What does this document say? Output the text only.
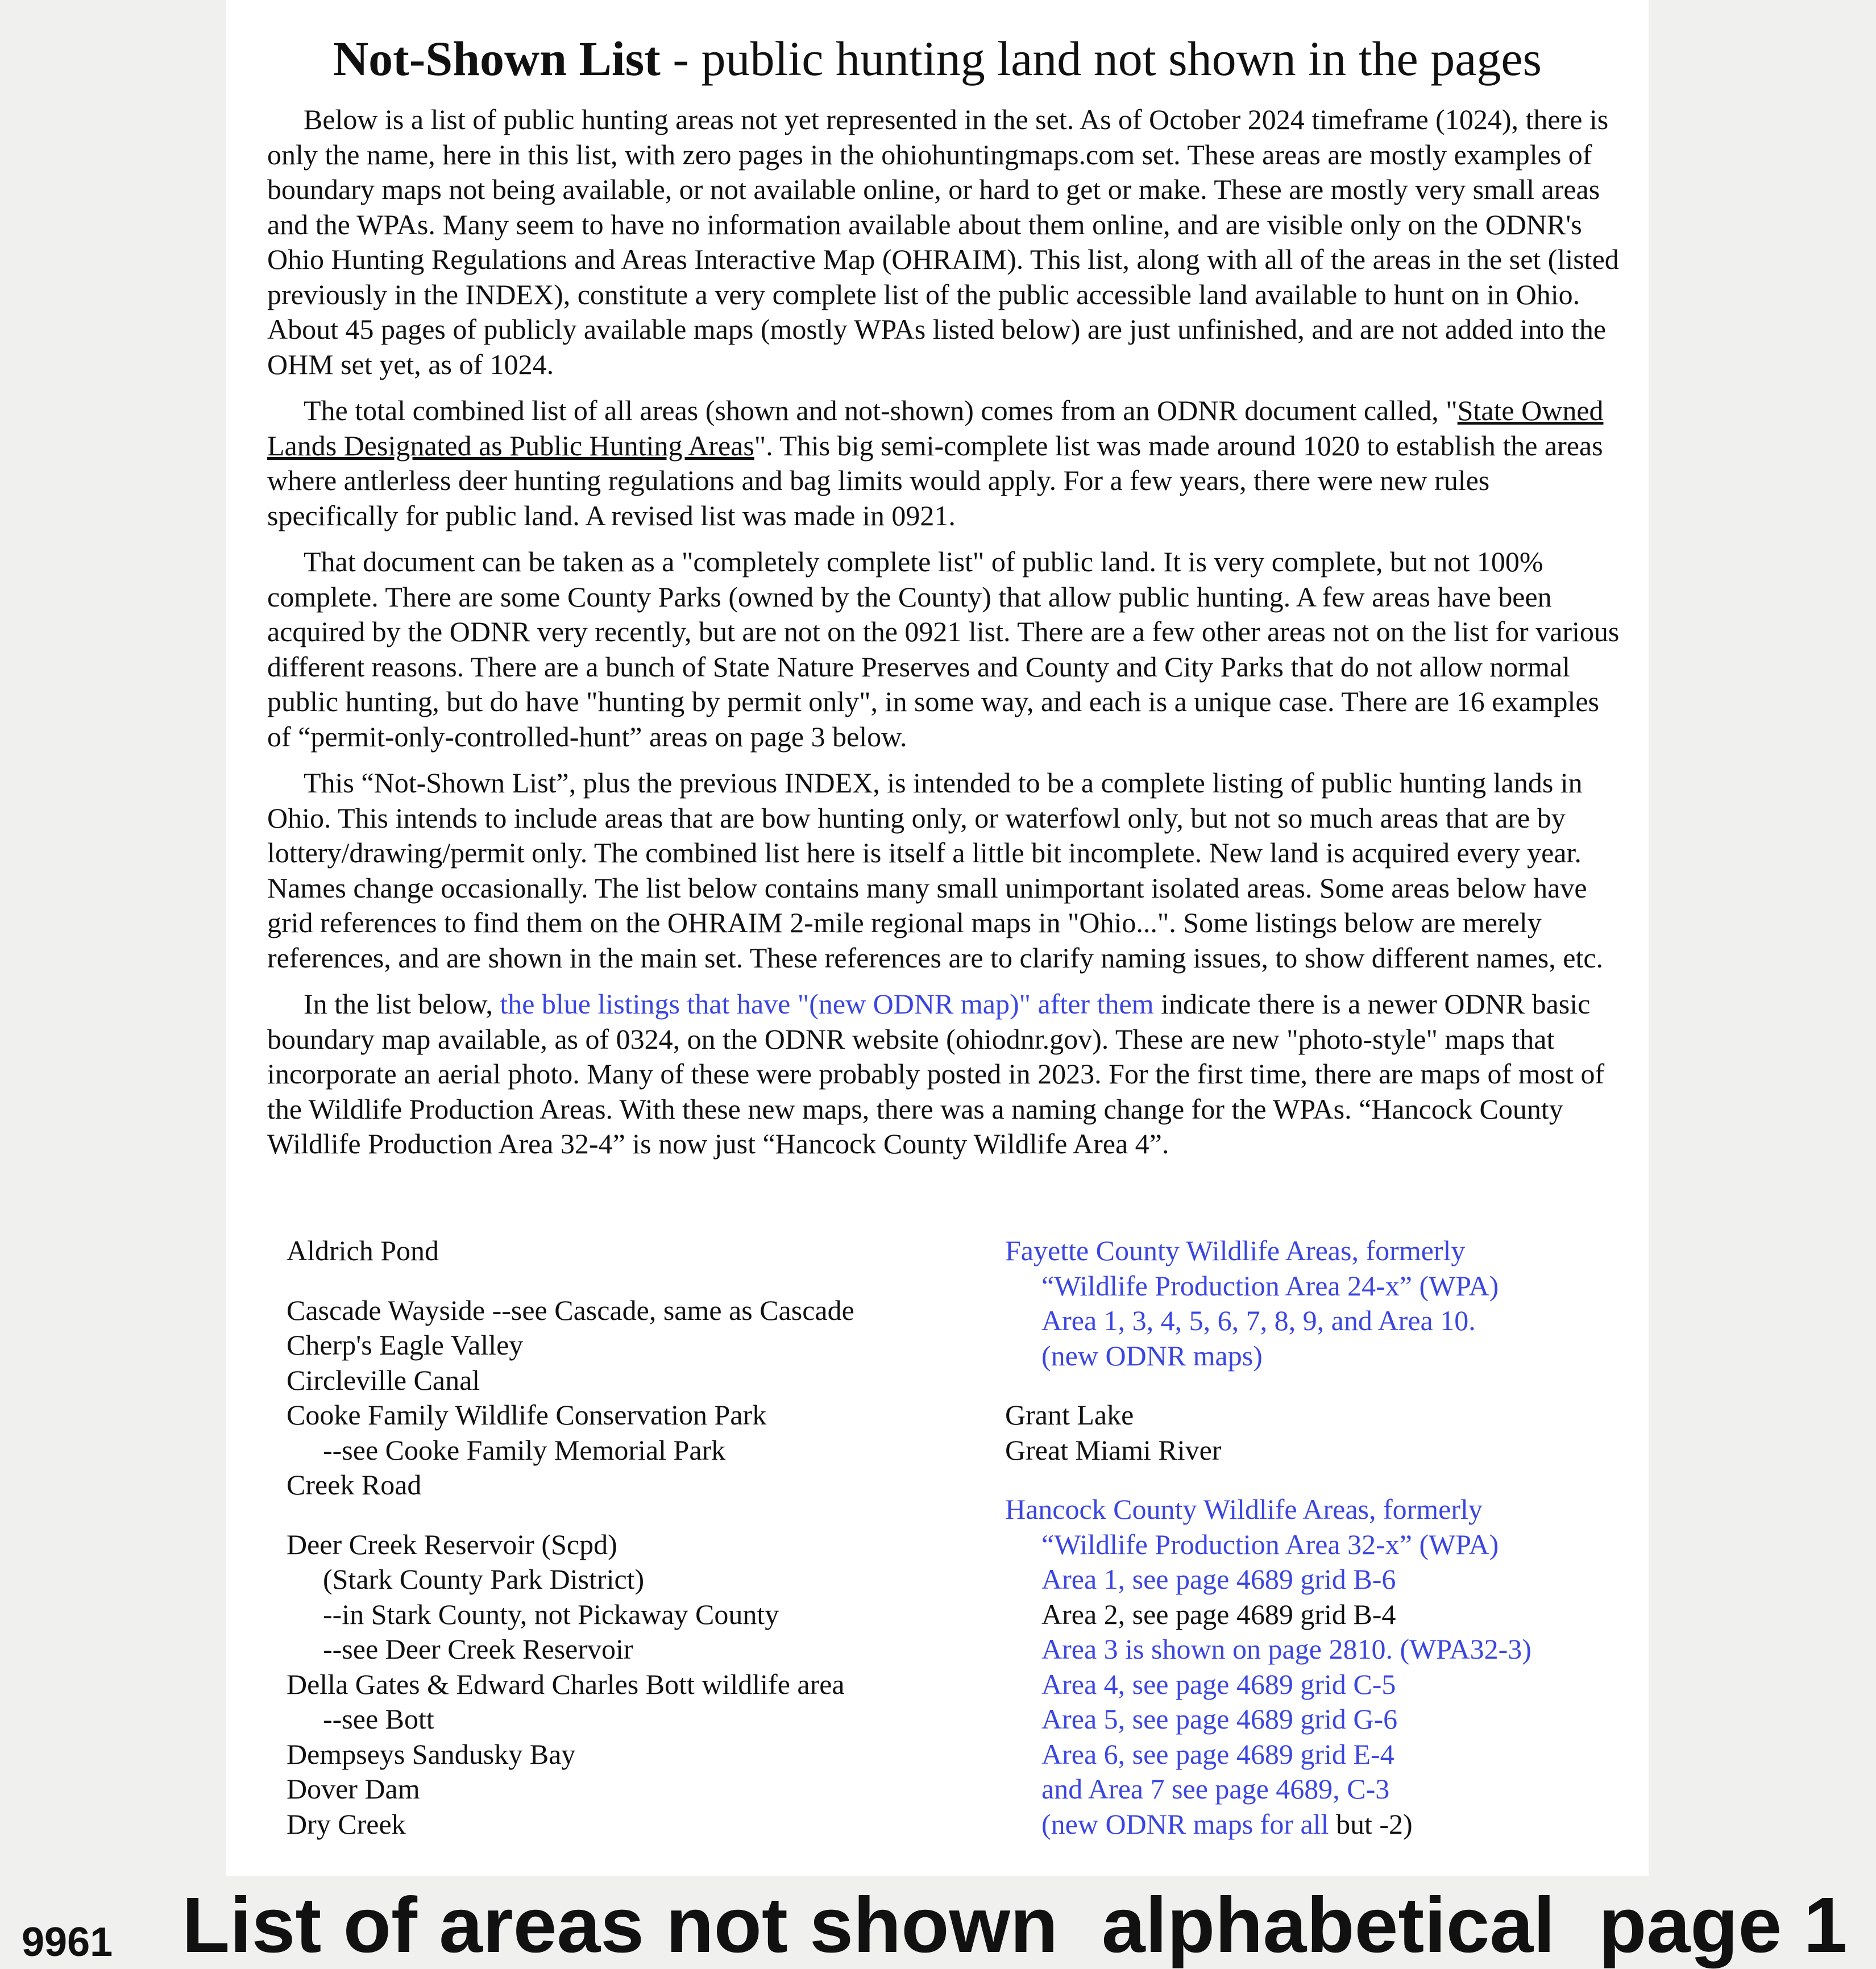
Not-Shown List - public hunting land not shown in the pages

Below is a list of public hunting areas not yet represented in the set. As of October 2024 timeframe (1024), there is only the name, here in this list, with zero pages in the ohiohuntingmaps.com set. These areas are mostly examples of boundary maps not being available, or not available online, or hard to get or make. These are mostly very small areas and the WPAs. Many seem to have no information available about them online, and are visible only on the ODNR's Ohio Hunting Regulations and Areas Interactive Map (OHRAIM). This list, along with all of the areas in the set (listed previously in the INDEX), constitute a very complete list of the public accessible land available to hunt on in Ohio. About 45 pages of publicly available maps (mostly WPAs listed below) are just unfinished, and are not added into the OHM set yet, as of 1024.

The total combined list of all areas (shown and not-shown) comes from an ODNR document called, "State Owned Lands Designated as Public Hunting Areas". This big semi-complete list was made around 1020 to establish the areas where antlerless deer hunting regulations and bag limits would apply. For a few years, there were new rules specifically for public land. A revised list was made in 0921.

That document can be taken as a "completely complete list" of public land. It is very complete, but not 100% complete. There are some County Parks (owned by the County) that allow public hunting. A few areas have been acquired by the ODNR very recently, but are not on the 0921 list. There are a few other areas not on the list for various different reasons. There are a bunch of State Nature Preserves and County and City Parks that do not allow normal public hunting, but do have "hunting by permit only", in some way, and each is a unique case. There are 16 examples of “permit-only-controlled-hunt” areas on page 3 below.

This “Not-Shown List”, plus the previous INDEX, is intended to be a complete listing of public hunting lands in Ohio. This intends to include areas that are bow hunting only, or waterfowl only, but not so much areas that are by lottery/drawing/permit only. The combined list here is itself a little bit incomplete. New land is acquired every year. Names change occasionally. The list below contains many small unimportant isolated areas. Some areas below have grid references to find them on the OHRAIM 2-mile regional maps in "Ohio...". Some listings below are merely references, and are shown in the main set. These references are to clarify naming issues, to show different names, etc.

In the list below, the blue listings that have "(new ODNR map)" after them indicate there is a newer ODNR basic boundary map available, as of 0324, on the ODNR website (ohiodnr.gov). These are new "photo-style" maps that incorporate an aerial photo. Many of these were probably posted in 2023. For the first time, there are maps of most of the Wildlife Production Areas. With these new maps, there was a naming change for the WPAs. “Hancock County Wildlife Production Area 32-4” is now just “Hancock County Wildlife Area 4”.

Aldrich Pond
Cascade Wayside --see Cascade, same as Cascade
Cherp's Eagle Valley
Circleville Canal
Cooke Family Wildlife Conservation Park
--see Cooke Family Memorial Park
Creek Road
Deer Creek Reservoir (Scpd)
(Stark County Park District)
--in Stark County, not Pickaway County
--see Deer Creek Reservoir
Della Gates & Edward Charles Bott wildlife area
--see Bott
Dempseys Sandusky Bay
Dover Dam
Dry Creek
Fayette County Wildlife Areas, formerly
“Wildlife Production Area 24-x” (WPA)
Area 1, 3, 4, 5, 6, 7, 8, 9, and Area 10.
(new ODNR maps)
Grant Lake
Great Miami River
Hancock County Wildlife Areas, formerly
“Wildlife Production Area 32-x” (WPA)
Area 1, see page 4689 grid B-6
Area 2, see page 4689 grid B-4
Area 3 is shown on page 2810. (WPA32-3)
Area 4, see page 4689 grid C-5
Area 5, see page 4689 grid G-6
Area 6, see page 4689 grid E-4
and Area 7 see page 4689, C-3
(new ODNR maps for all but -2)
9961 List of areas not shown  alphabetical  page 1
